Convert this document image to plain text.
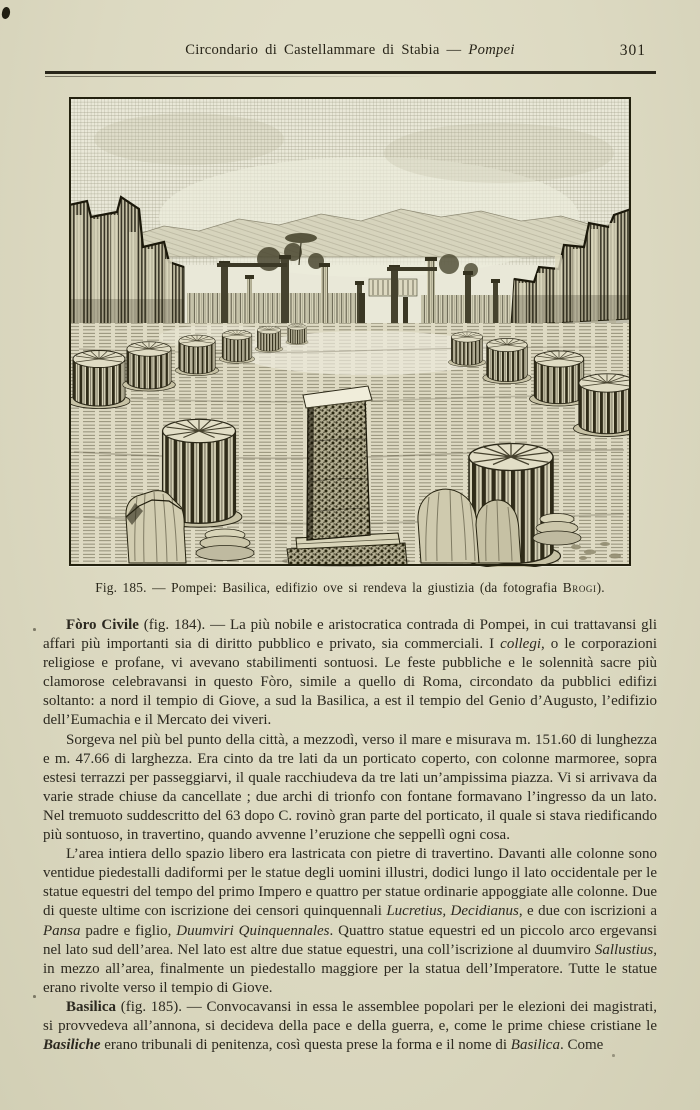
Circondario di Castellammare di Stabia — Pompei	301
Fig. 185. — Pompei: Basilica, edifizio ove si rendeva la giustizia (da fotografia Brogi).

Fòro Civile (fig. 184). — La più nobile e aristocratica contrada di Pompei, in cui trattavansi gli affari più importanti sia di diritto pubblico e privato, sia commerciali. I collegi, o le corporazioni religiose e profane, vi avevano stabilimenti sontuosi. Le feste pubbliche e le solennità sacre più clamorose celebravansi in questo Fòro, simile a quello di Roma, circondato da pubblici edifizi soltanto: a nord il tempio di Giove, a sud la Basilica, a est il tempio del Genio d’Augusto, l’edifizio dell’Eumachia e il Mercato dei viveri.

Sorgeva nel più bel punto della città, a mezzodì, verso il mare e misurava m. 151.60 di lunghezza e m. 47.66 di larghezza. Era cinto da tre lati da un porticato coperto, con colonne marmoree, sopra estesi terrazzi per passeggiarvi, il quale racchiudeva da tre lati un’ampissima piazza. Vi si arrivava da varie strade chiuse da cancellate ; due archi di trionfo con fontane formavano l’ingresso da un lato. Nel tremuoto suddescritto del 63 dopo C. rovinò gran parte del porticato, il quale si stava riedificando più sontuoso, in travertino, quando avvenne l’eruzione che seppellì ogni cosa.

L’area intiera dello spazio libero era lastricata con pietre di travertino. Davanti alle colonne sono ventidue piedestalli dadiformi per le statue degli uomini illustri, dodici lungo il lato occidentale per le statue equestri del tempo del primo Impero e quattro per statue ordinarie appoggiate alle colonne. Due di queste ultime con iscrizione dei censori quinquennali Lucretius, Decidianus, e due con iscrizioni a Pansa padre e figlio, Duumviri Quinquennales. Quattro statue equestri ed un piccolo arco ergevansi nel lato sud dell’area. Nel lato est altre due statue equestri, una coll’iscrizione al duumviro Sallustius, in mezzo all’area, finalmente un piedestallo maggiore per la statua dell’Imperatore. Tutte le statue erano rivolte verso il tempio di Giove.

Basilica (fig. 185). — Convocavansi in essa le assemblee popolari per le elezioni dei magistrati, si provvedeva all’annona, si decideva della pace e della guerra, e, come le prime chiese cristiane le Basiliche erano tribunali di penitenza, così questa prese la forma e il nome di Basilica. Come
